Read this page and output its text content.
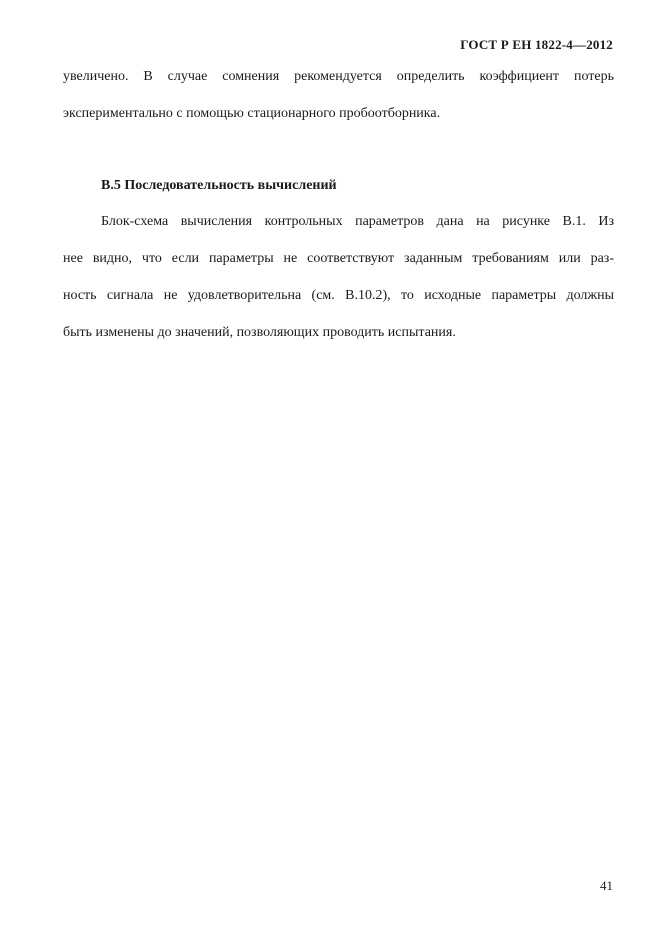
ГОСТ Р ЕН 1822-4—2012
увеличено. В случае сомнения рекомендуется определить коэффициент потерь
экспериментально с помощью стационарного пробоотборника.
B.5 Последовательность вычислений
Блок-схема вычисления контрольных параметров дана на рисунке B.1. Из
нее видно, что если параметры не соответствуют заданным требованиям или раз-
ность сигнала не удовлетворительна (см. B.10.2), то исходные параметры должны
быть изменены до значений, позволяющих проводить испытания.
41
